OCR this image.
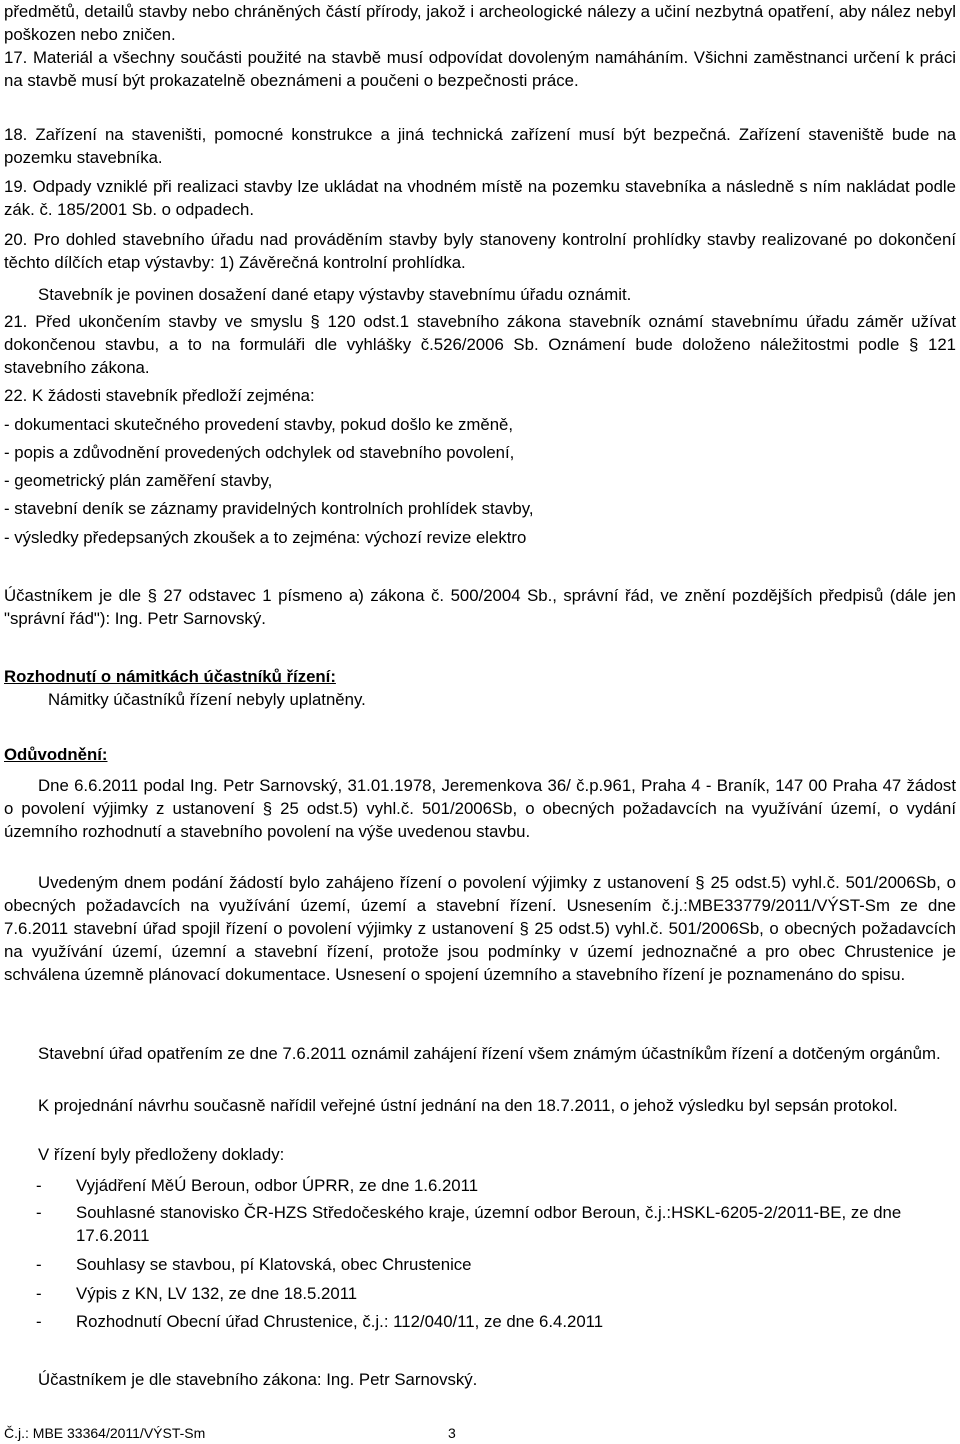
předmětů, detailů stavby nebo chráněných částí přírody, jakož i archeologické nálezy a učiní nezbytná opatření, aby nález nebyl poškozen nebo zničen.

17. Materiál a všechny součásti použité na stavbě musí odpovídat dovoleným namáháním. Všichni zaměstnanci určení k práci na stavbě musí být prokazatelně obeznámeni a poučeni o bezpečnosti práce.

18. Zařízení na staveništi, pomocné konstrukce a jiná technická zařízení musí být bezpečná. Zařízení staveniště bude na pozemku stavebníka.

19. Odpady vzniklé při realizaci stavby lze ukládat na vhodném místě na pozemku stavebníka a následně s ním nakládat podle zák. č. 185/2001 Sb. o odpadech.

20. Pro dohled stavebního úřadu nad prováděním stavby byly stanoveny kontrolní prohlídky stavby realizované po dokončení těchto dílčích etap výstavby: 1) Závěrečná kontrolní prohlídka.

Stavebník je povinen dosažení dané etapy výstavby stavebnímu úřadu oznámit.

21. Před ukončením stavby ve smyslu § 120 odst.1 stavebního zákona stavebník oznámí stavebnímu úřadu záměr užívat dokončenou stavbu, a to na formuláři dle vyhlášky č.526/2006 Sb. Oznámení bude doloženo náležitostmi podle § 121 stavebního zákona.

22. K žádosti stavebník předloží zejména:

- dokumentaci skutečného provedení stavby, pokud došlo ke změně,

- popis a zdůvodnění provedených odchylek od stavebního povolení,

- geometrický plán zaměření stavby,

- stavební deník se záznamy pravidelných kontrolních prohlídek stavby,

- výsledky předepsaných zkoušek a to zejména: výchozí revize elektro

Účastníkem je dle § 27 odstavec 1 písmeno a) zákona č. 500/2004 Sb., správní řád, ve znění pozdějších předpisů (dále jen "správní řád"): Ing. Petr Sarnovský.

Rozhodnutí o námitkách účastníků řízení:

Námitky účastníků řízení nebyly uplatněny.

Odůvodnění:

Dne 6.6.2011 podal Ing. Petr Sarnovský, 31.01.1978, Jeremenkova 36/ č.p.961, Praha 4 - Braník, 147 00 Praha 47 žádost o povolení výjimky z ustanovení § 25 odst.5) vyhl.č. 501/2006Sb, o obecných požadavcích na využívání území, o vydání územního rozhodnutí a stavebního povolení na výše uvedenou stavbu.

Uvedeným dnem podání žádostí bylo zahájeno řízení o povolení výjimky z ustanovení § 25 odst.5) vyhl.č. 501/2006Sb, o obecných požadavcích na využívání území, území a stavební řízení. Usnesením č.j.:MBE33779/2011/VÝST-Sm ze dne 7.6.2011 stavební úřad spojil řízení o povolení výjimky z ustanovení § 25 odst.5) vyhl.č. 501/2006Sb, o obecných požadavcích na využívání území, územní a stavební řízení, protože jsou podmínky v území jednoznačné a pro obec Chrustenice je schválena územně plánovací dokumentace. Usnesení o spojení územního a stavebního řízení je poznamenáno do spisu.

Stavební úřad opatřením ze dne 7.6.2011 oznámil zahájení řízení všem známým účastníkům řízení a dotčeným orgánům.

K projednání návrhu současně nařídil veřejné ústní jednání na den 18.7.2011, o jehož výsledku byl sepsán protokol.

V řízení byly předloženy doklady:

-	Vyjádření MěÚ Beroun, odbor ÚPRR, ze dne 1.6.2011
-	Souhlasné stanovisko ČR-HZS Středočeského kraje, územní odbor Beroun, č.j.:HSKL-6205-2/2011-BE, ze dne 17.6.2011
-	Souhlasy se stavbou, pí Klatovská, obec Chrustenice
-	Výpis z KN, LV 132, ze dne 18.5.2011
-	Rozhodnutí Obecní úřad Chrustenice, č.j.: 112/040/11, ze dne 6.4.2011

Účastníkem je dle stavebního zákona: Ing. Petr Sarnovský.

Č.j.: MBE 33364/2011/VÝST-Sm	3
